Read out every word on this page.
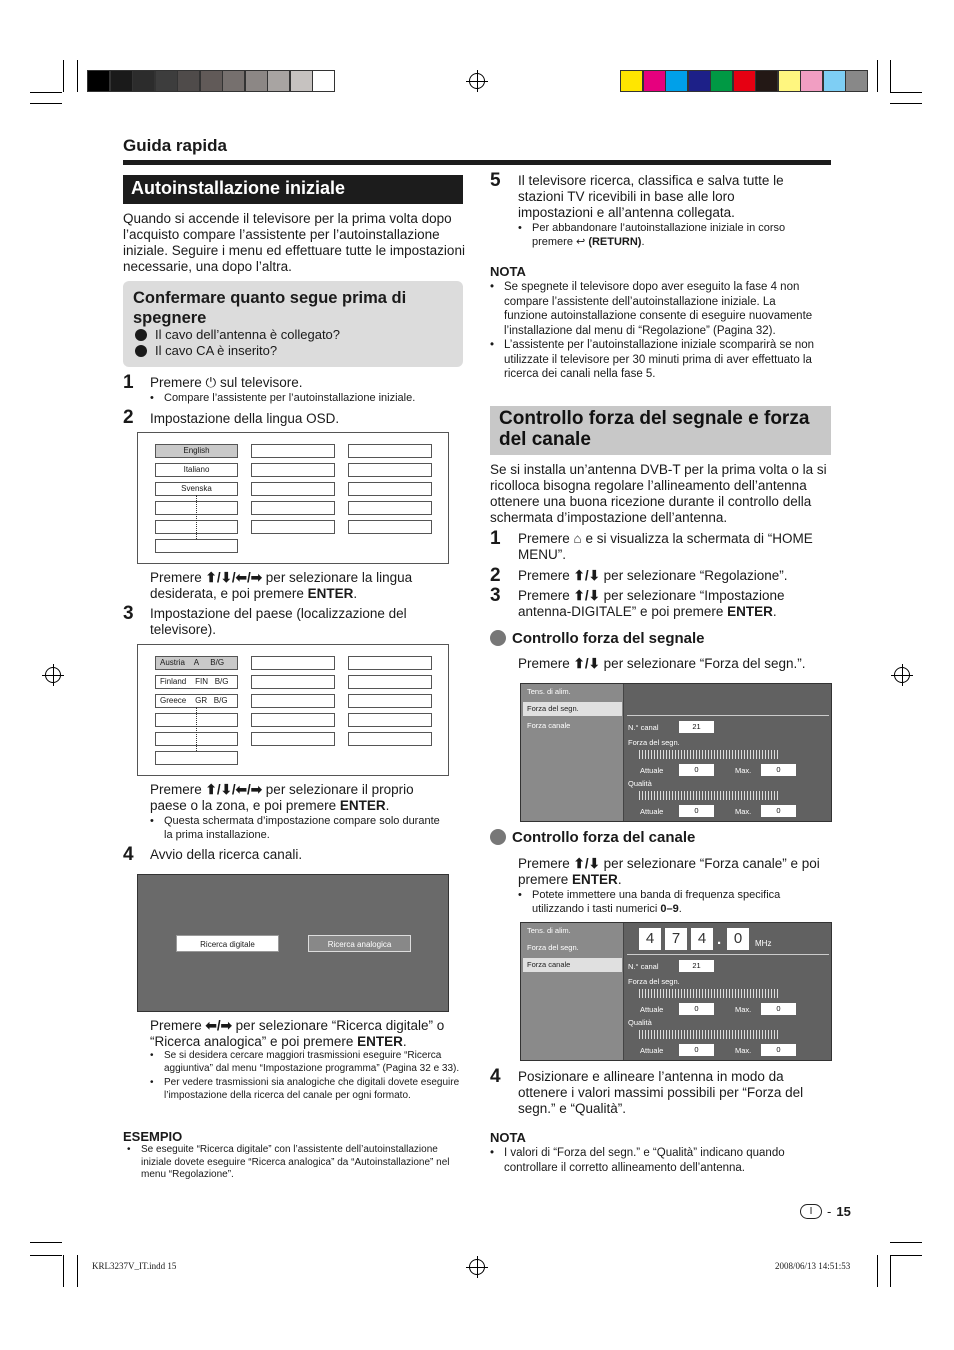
Guida rapida
Autoinstallazione iniziale
Quando si accende il televisore per la prima volta dopo l’acquisto compare l’assistente per l’autoinstallazione iniziale. Seguire i menu ed effettuare tutte le impostazioni necessarie, una dopo l’altra.
Confermare quanto segue prima di spegnere
Il cavo dell’antenna è collegato?
Il cavo CA è inserito?
1 Premere ⏻ sul televisore.
• Compare l’assistente per l’autoinstallazione iniziale.
2 Impostazione della lingua OSD.
English
Italiano
Svenska
Premere ⬆/⬇/⬅/➡ per selezionare la lingua desiderata, e poi premere ENTER.
3 Impostazione del paese (localizzazione del televisore).
Austria A B/G
Finland FIN B/G
Greece GR B/G
Premere ⬆/⬇/⬅/➡ per selezionare il proprio paese o la zona, e poi premere ENTER.
• Questa schermata d’impostazione compare solo durante la prima installazione.
4 Avvio della ricerca canali.
Ricerca digitale	Ricerca analogica
Premere ⬅/➡ per selezionare “Ricerca digitale” o “Ricerca analogica” e poi premere ENTER.
•	Se si desidera cercare maggiori trasmissioni eseguire “Ricerca aggiuntiva” dal menu “Impostazione programma” (Pagina 32 e 33).
•	Per vedere trasmissioni sia analogiche che digitali dovete eseguire l’impostazione della ricerca del canale per ogni formato.
ESEMPIO
•	Se eseguite “Ricerca digitale” con l’assistente dell’autoinstallazione iniziale dovete eseguire “Ricerca analogica” da “Autoinstallazione” nel menu “Regolazione”.
5 Il televisore ricerca, classifica e salva tutte le stazioni TV ricevibili in base alle loro impostazioni e all’antenna collegata.
• Per abbandonare l’autoinstallazione iniziale in corso premere ↩ (RETURN).
NOTA
• Se spegnete il televisore dopo aver eseguito la fase 4 non compare l’assistente dell’autoinstallazione iniziale. La funzione autoinstallazione consente di eseguire nuovamente l’installazione dal menu di “Regolazione” (Pagina 32).
• L’assistente per l’autoinstallazione iniziale scomparirà se non utilizzate il televisore per 30 minuti prima di aver effettuato la ricerca dei canali nella fase 5.
Controllo forza del segnale e forza del canale
Se si installa un’antenna DVB-T per la prima volta o la si ricolloca bisogna regolare l’allineamento dell’antenna ottenere una buona ricezione durante il controllo della schermata d’impostazione dell’antenna.
1 Premere ⌂ e si visualizza la schermata di “HOME MENU”.
2 Premere ⬆/⬇ per selezionare “Regolazione”.
3 Premere ⬆/⬇ per selezionare “Impostazione antenna-DIGITALE” e poi premere ENTER.
Controllo forza del segnale
Premere ⬆/⬇ per selezionare “Forza del segn.”.
Tens. di alim.
Forza del segn.
Forza canale	N.° canal	21
Forza del segn.
Attuale	0	Max.	0
Qualità
Attuale	0	Max.	0
Controllo forza del canale
Premere ⬆/⬇ per selezionare “Forza canale” e poi premere ENTER.
• Potete immettere una banda di frequenza specifica utilizzando i tasti numerici 0–9.
Tens. di alim.
Forza del segn.
Forza canale
4	7	4 . 0	MHz
N.° canal	21
Forza del segn.
Attuale	0	Max.	0
Qualità
Attuale	0	Max.	0
4 Posizionare e allineare l’antenna in modo da ottenere i valori massimi possibili per “Forza del segn.” e “Qualità”.
NOTA
• I valori di “Forza del segn.” e “Qualità” indicano quando controllare il corretto allineamento dell’antenna.
I	- 15
KRL3237V_IT.indd 15	2008/06/13 14:51:53
